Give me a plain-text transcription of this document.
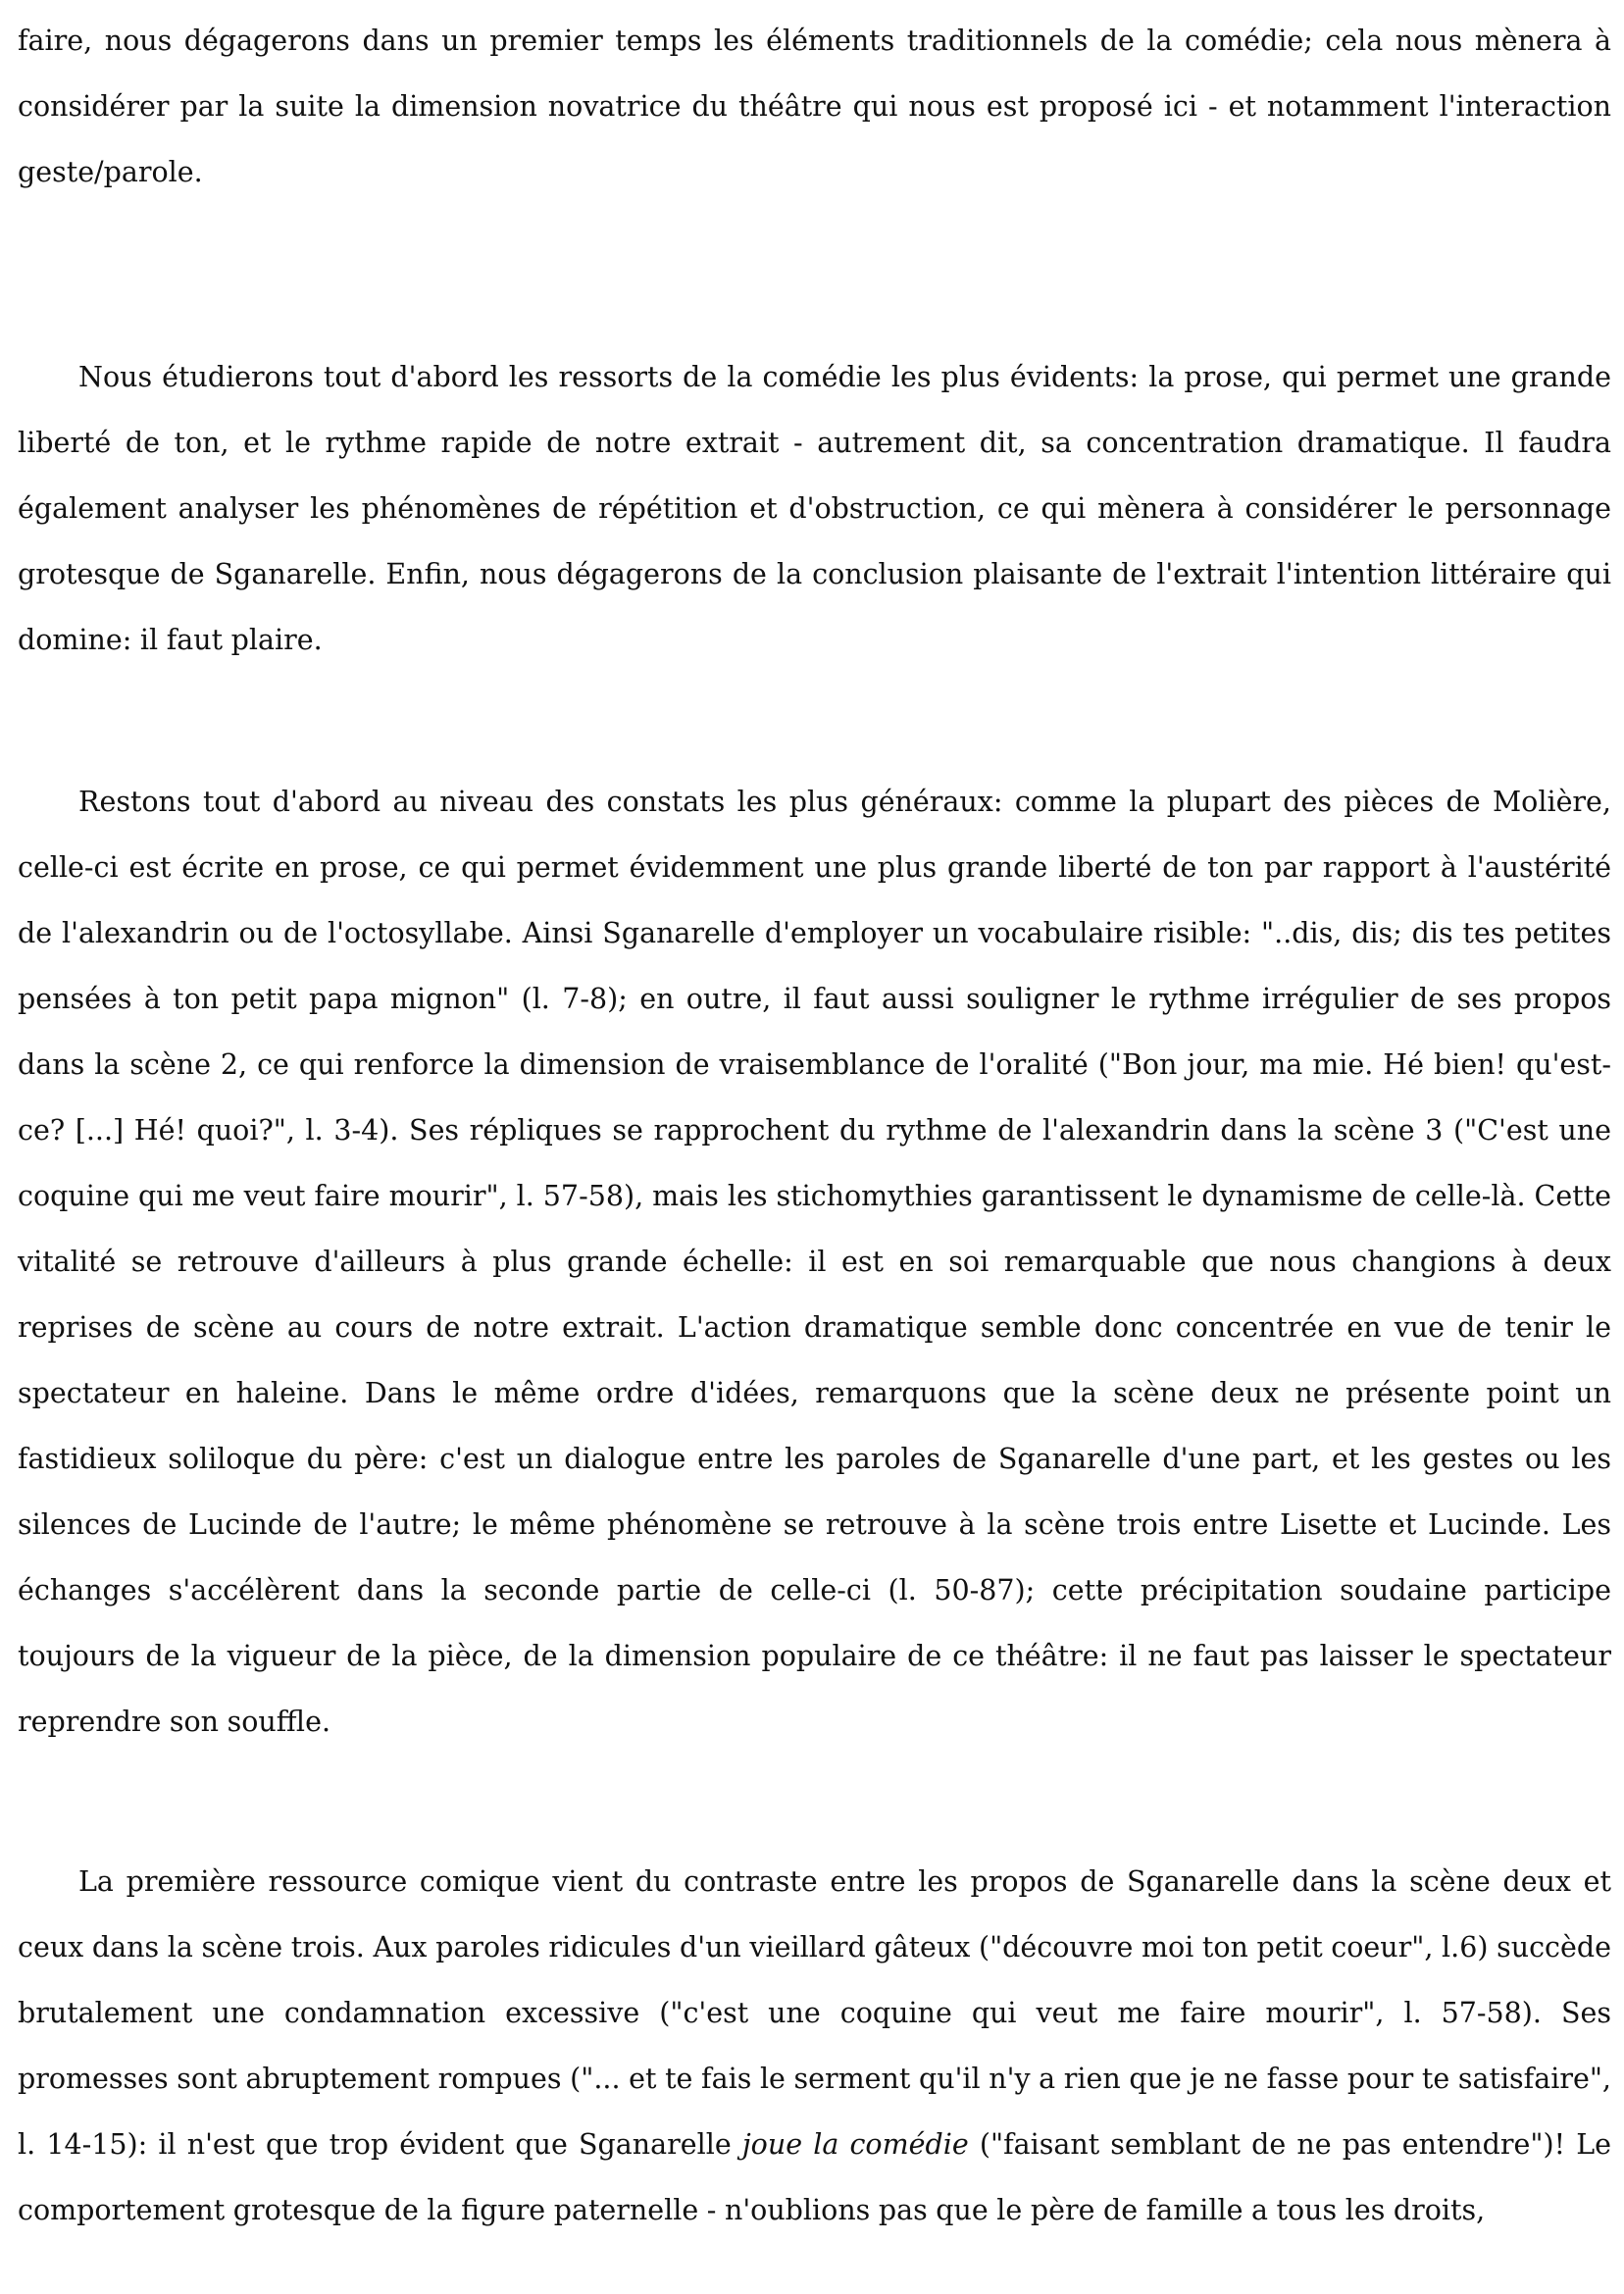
faire, nous dégagerons dans un premier temps les éléments traditionnels de la comédie; cela nous mènera à considérer par la suite la dimension novatrice du théâtre qui nous est proposé ici - et notamment l'interaction geste/parole.

Nous étudierons tout d'abord les ressorts de la comédie les plus évidents: la prose, qui permet une grande liberté de ton, et le rythme rapide de notre extrait - autrement dit, sa concentration dramatique. Il faudra également analyser les phénomènes de répétition et d'obstruction, ce qui mènera à considérer le personnage grotesque de Sganarelle. Enfin, nous dégagerons de la conclusion plaisante de l'extrait l'intention littéraire qui domine: il faut plaire.

Restons tout d'abord au niveau des constats les plus généraux: comme la plupart des pièces de Molière, celle-ci est écrite en prose, ce qui permet évidemment une plus grande liberté de ton par rapport à l'austérité de l'alexandrin ou de l'octosyllabe. Ainsi Sganarelle d'employer un vocabulaire risible: "..dis, dis; dis tes petites pensées à ton petit papa mignon" (l. 7-8); en outre, il faut aussi souligner le rythme irrégulier de ses propos dans la scène 2, ce qui renforce la dimension de vraisemblance de l'oralité ("Bon jour, ma mie. Hé bien! qu'est-ce? [...] Hé! quoi?", l. 3-4). Ses répliques se rapprochent du rythme de l'alexandrin dans la scène 3 ("C'est une coquine qui me veut faire mourir", l. 57-58), mais les stichomythies garantissent le dynamisme de celle-là. Cette vitalité se retrouve d'ailleurs à plus grande échelle: il est en soi remarquable que nous changions à deux reprises de scène au cours de notre extrait. L'action dramatique semble donc concentrée en vue de tenir le spectateur en haleine. Dans le même ordre d'idées, remarquons que la scène deux ne présente point un fastidieux soliloque du père: c'est un dialogue entre les paroles de Sganarelle d'une part, et les gestes ou les silences de Lucinde de l'autre; le même phénomène se retrouve à la scène trois entre Lisette et Lucinde. Les échanges s'accélèrent dans la seconde partie de celle-ci (l. 50-87); cette précipitation soudaine participe toujours de la vigueur de la pièce, de la dimension populaire de ce théâtre: il ne faut pas laisser le spectateur reprendre son souffle.

La première ressource comique vient du contraste entre les propos de Sganarelle dans la scène deux et ceux dans la scène trois. Aux paroles ridicules d'un vieillard gâteux ("découvre moi ton petit coeur", l.6) succède brutalement une condamnation excessive ("c'est une coquine qui veut me faire mourir", l. 57-58). Ses promesses sont abruptement rompues ("... et te fais le serment qu'il n'y a rien que je ne fasse pour te satisfaire", l. 14-15): il n'est que trop évident que Sganarelle joue la comédie ("faisant semblant de ne pas entendre")! Le comportement grotesque de la figure paternelle - n'oublions pas que le père de famille a tous les droits,
